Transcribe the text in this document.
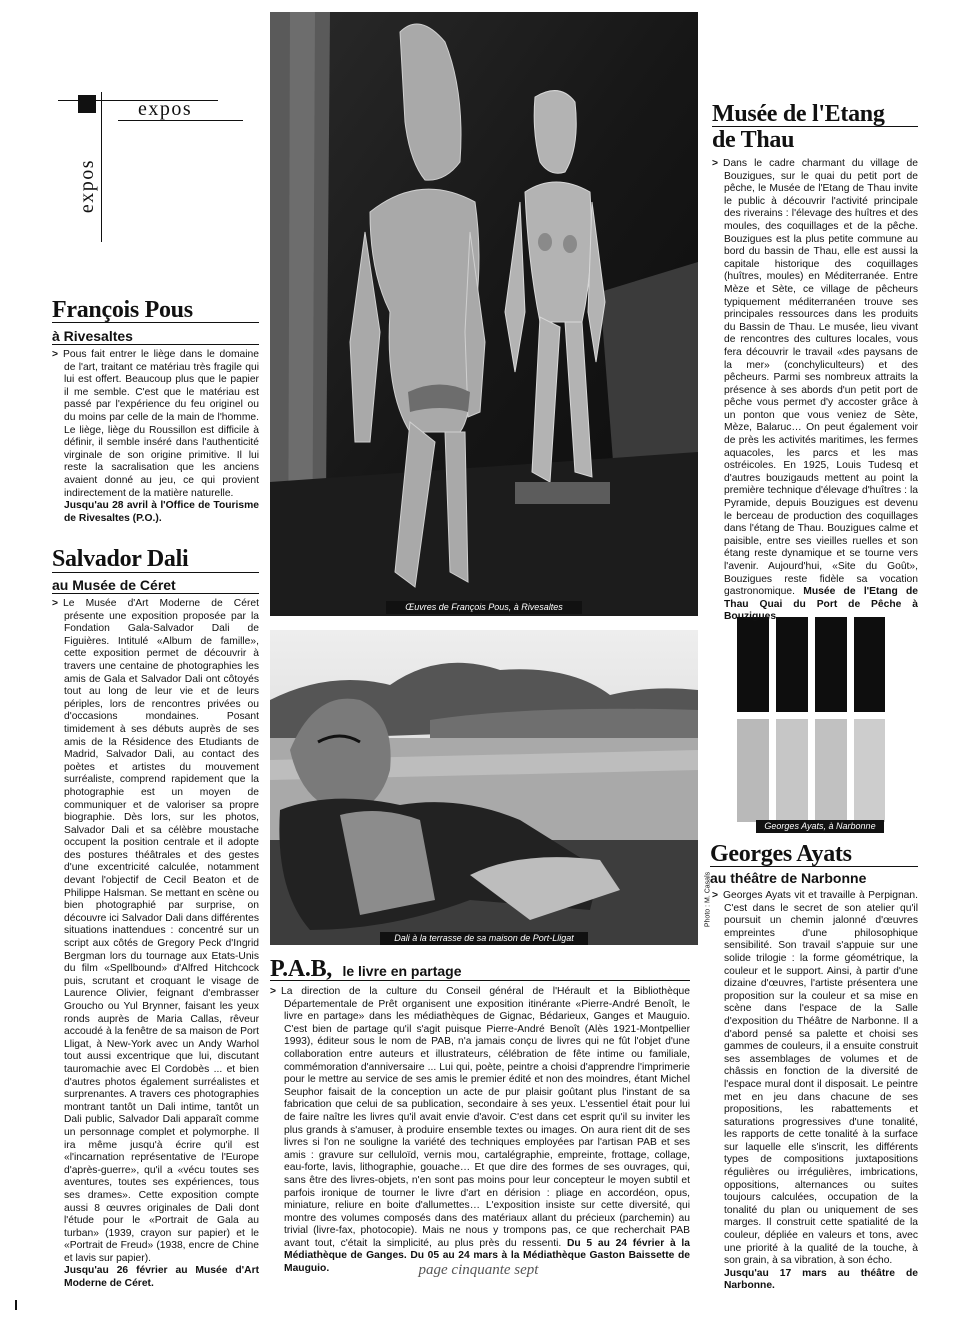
expos
expos
Œuvres de François Pous, à Rivesaltes
Dali à la terrasse de sa maison de Port-Lligat
Photo : M. Casals
Georges Ayats, à Narbonne
François Pous
à Rivesaltes

> Pous fait entrer le liège dans le domaine de l'art, traitant ce matériau très fragile qui lui est offert. Beaucoup plus que le papier il me semble. C'est que le matériau est passé par l'expérience du feu originel ou du moins par celle de la main de l'homme. Le liège, liège du Roussillon est difficile à définir, il semble inséré dans l'authenticité virginale de son origine primitive. Il lui reste la sacralisation que les anciens avaient donné au jeu, ce qui provient indirectement de la matière naturelle.

Jusqu'au 28 avril à l'Office de Tourisme de Rivesaltes (P.O.).

Salvador Dali
au Musée de Céret

> Le Musée d'Art Moderne de Céret présente une exposition proposée par la Fondation Gala-Salvador Dali de Figuières. Intitulé «Album de famille», cette exposition permet de découvrir à travers une centaine de photographies les amis de Gala et Salvador Dali ont côtoyés tout au long de leur vie et de leurs périples, lors de rencontres privées ou d'occasions mondaines. Posant timidement à ses débuts auprès de ses amis de la Résidence des Etudiants de Madrid, Salvador Dali, au contact des poètes et artistes du mouvement surréaliste, comprend rapidement que la photographie est un moyen de communiquer et de valoriser sa propre biographie. Dès lors, sur les photos, Salvador Dali et sa célèbre moustache occupent la position centrale et il adopte des postures théâtrales et des gestes d'une excentricité calculée, notamment devant l'objectif de Cecil Beaton et de Philippe Halsman. Se mettant en scène ou bien photographié par surprise, on découvre ici Salvador Dali dans différentes situations inattendues : concentré sur un script aux côtés de Gregory Peck d'Ingrid Bergman lors du tournage aux Etats-Unis du film «Spellbound» d'Alfred Hitchcock puis, scrutant et croquant le visage de Laurence Olivier, feignant d'embrasser Groucho ou Yul Brynner, faisant les yeux ronds auprès de Maria Callas, rêveur accoudé à la fenêtre de sa maison de Port Lligat, à New-York avec un Andy Warhol tout aussi excentrique que lui, discutant tauromachie avec El Cordobès ... et bien d'autres photos également surréalistes et surprenantes. A travers ces photographies montrant tantôt un Dali intime, tantôt un Dali public, Salvador Dali apparaît comme un personnage complet et polymorphe. Il ira même jusqu'à écrire qu'il est «l'incarnation représentative de l'Europe d'après-guerre», qu'il a «vécu toutes ses aventures, toutes ses expériences, tous ses drames». Cette exposition compte aussi 8 œuvres originales de Dali dont l'étude pour le «Portrait de Gala au turban» (1939, crayon sur papier) et le «Portrait de Freud» (1938, encre de Chine et lavis sur papier).

Jusqu'au 26 février au Musée d'Art Moderne de Céret.

P.A.B, le livre en partage

> La direction de la culture du Conseil général de l'Hérault et la Bibliothèque Départementale de Prêt organisent une exposition itinérante «Pierre-André Benoît, le livre en partage» dans les médiathèques de Gignac, Bédarieux, Ganges et Mauguio. C'est bien de partage qu'il s'agit puisque Pierre-André Benoît (Alès 1921-Montpellier 1993), éditeur sous le nom de PAB, n'a jamais conçu de livres qui ne fût l'objet d'une collaboration entre auteurs et illustrateurs, célébration de fête intime ou familiale, commémoration d'anniversaire ... Lui qui, poète, peintre a choisi d'apprendre l'imprimerie pour le mettre au service de ses amis le premier édité et non des moindres, étant Michel Seuphor faisait de la conception un acte de pur plaisir goûtant plus l'instant de sa fabrication que celui de sa publication, secondaire à ses yeux. L'essentiel était pour lui de faire naître les livres qu'il avait envie d'avoir. C'est dans cet esprit qu'il su inviter les plus grands à s'amuser, à produire ensemble textes ou images. On aura rient dit de ses livres si l'on ne souligne la variété des techniques employées par l'artisan PAB et ses amis : gravure sur celluloïd, vernis mou, cartalégraphie, empreinte, frottage, collage, eau-forte, lavis, lithographie, gouache… Et que dire des formes de ses ouvrages, qui, sans être des livres-objets, n'en sont pas moins pour leur concepteur le moyen subtil et parfois ironique de tourner le livre d'art en dérision : pliage en accordéon, opus, miniature, reliure en boite d'allumettes… L'exposition insiste sur cette diversité, qui montre des volumes composés dans des matériaux allant du précieux (parchemin) au trivial (livre-fax, photocopie). Mais ne nous y trompons pas, ce que recherchait PAB avant tout, c'était la simplicité, au plus près du ressenti. Du 5 au 24 février à la Médiathèque de Ganges. Du 05 au 24 mars à la Médiathèque Gaston Baissette de Mauguio.

Musée de l'Etang
de Thau

> Dans le cadre charmant du village de Bouzigues, sur le quai du petit port de pêche, le Musée de l'Etang de Thau invite le public à découvrir l'activité principale des riverains : l'élevage des huîtres et des moules, des coquillages et de la pêche. Bouzigues est la plus petite commune au bord du bassin de Thau, elle est aussi la capitale historique des coquillages (huîtres, moules) en Méditerranée. Entre Mèze et Sète, ce village de pêcheurs typiquement méditerranéen trouve ses principales ressources dans les produits du Bassin de Thau. Le musée, lieu vivant de rencontres des cultures locales, vous fera découvrir le travail «des paysans de la mer» (conchyliculteurs) et des pêcheurs. Parmi ses nombreux attraits la présence à ses abords d'un petit port de pêche vous permet d'y accoster grâce à un ponton que vous veniez de Sète, Mèze, Balaruc… On peut également voir de près les activités maritimes, les fermes aquacoles, les parcs et les mas ostréicoles. En 1925, Louis Tudesq et d'autres bouzigauds mettent au point la première technique d'élevage d'huîtres : la Pyramide, depuis Bouzigues est devenu le berceau de production des coquillages dans l'étang de Thau. Bouzigues calme et paisible, entre ses vieilles ruelles et son étang reste dynamique et se tourne vers l'avenir. Aujourd'hui, «Site du Goût», Bouzigues reste fidèle sa vocation gastronomique. Musée de l'Etang de Thau Quai du Port de Pêche à Bouzigues.

Georges Ayats
au théâtre de Narbonne

> Georges Ayats vit et travaille à Perpignan. C'est dans le secret de son atelier qu'il poursuit un chemin jalonné d'œuvres empreintes d'une philosophique sensibilité. Son travail s'appuie sur une solide trilogie : la forme géométrique, la couleur et le support. Ainsi, à partir d'une dizaine d'œuvres, l'artiste présentera une proposition sur la couleur et sa mise en scène dans l'espace de la Salle d'exposition du Théâtre de Narbonne. Il a d'abord pensé sa palette et choisi ses gammes de couleurs, il a ensuite construit ses assemblages de volumes et de châssis en fonction de la diversité de l'espace mural dont il disposait. Le peintre met en jeu dans chacune de ses propositions, les rabattements et saturations progressives d'une tonalité, les rapports de cette tonalité à la surface sur laquelle elle s'inscrit, les différents types de compositions juxtapositions régulières ou irrégulières, imbrications, oppositions, alternances ou suites toujours calculées, occupation de la tonalité du plan ou uniquement de ses marges. Il construit cette spatialité de la couleur, dépliée en valeurs et tons, avec une priorité à la qualité de la touche, à son grain, à sa vibration, à son écho.

Jusqu'au 17 mars au théâtre de Narbonne.

page cinquante sept
